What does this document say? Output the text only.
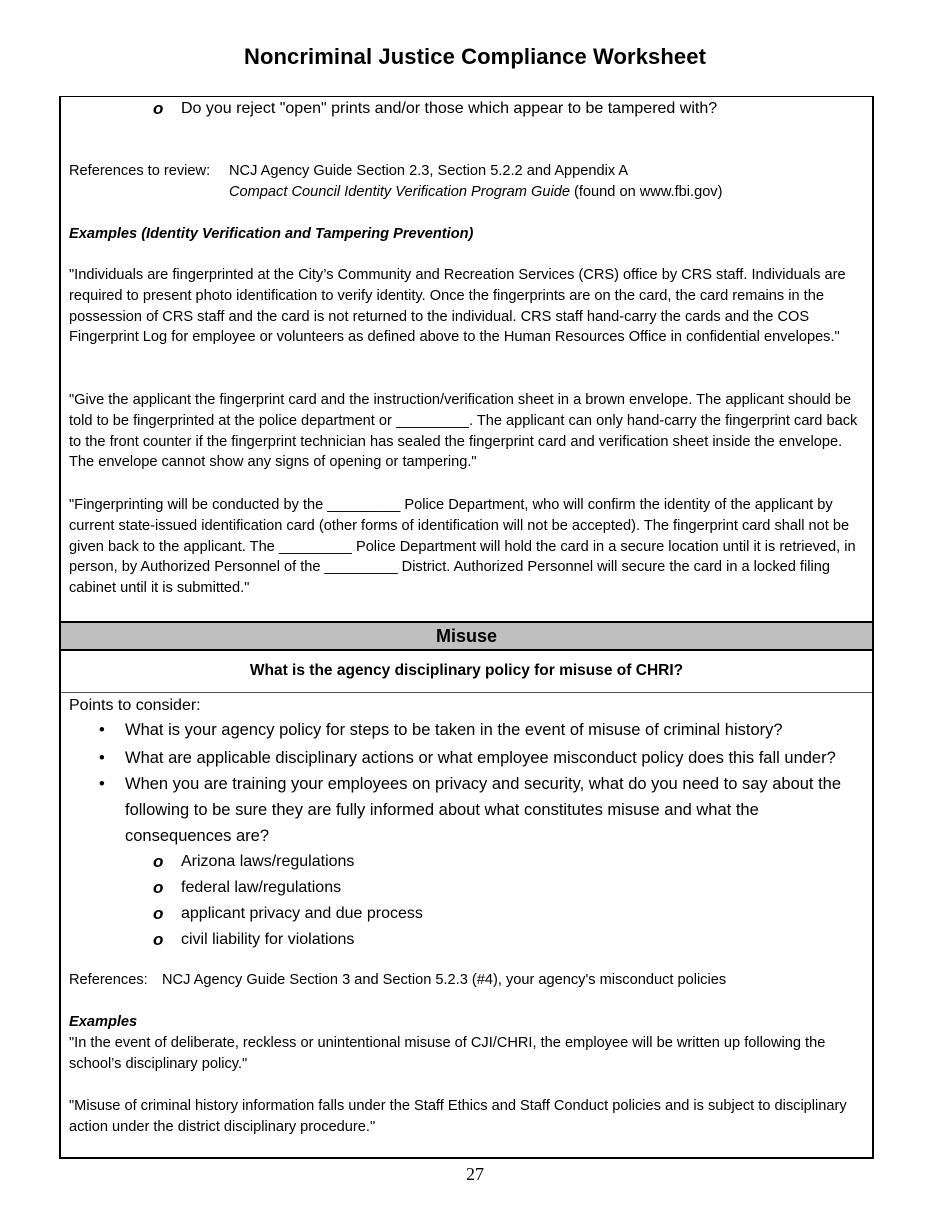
Noncriminal Justice Compliance Worksheet
o Do you reject "open" prints and/or those which appear to be tampered with?
References to review: NCJ Agency Guide Section 2.3, Section 5.2.2 and Appendix A
Compact Council Identity Verification Program Guide (found on www.fbi.gov)
Examples (Identity Verification and Tampering Prevention)

"Individuals are fingerprinted at the City’s Community and Recreation Services (CRS) office by CRS staff. Individuals are required to present photo identification to verify identity. Once the fingerprints are on the card, the card remains in the possession of CRS staff and the card is not returned to the individual. CRS staff hand-carry the cards and the COS Fingerprint Log for employee or volunteers as defined above to the Human Resources Office in confidential envelopes."

"Give the applicant the fingerprint card and the instruction/verification sheet in a brown envelope. The applicant should be told to be fingerprinted at the police department or _________. The applicant can only hand-carry the fingerprint card back to the front counter if the fingerprint technician has sealed the fingerprint card and verification sheet inside the envelope. The envelope cannot show any signs of opening or tampering."

"Fingerprinting will be conducted by the _________ Police Department, who will confirm the identity of the applicant by current state-issued identification card (other forms of identification will not be accepted). The fingerprint card shall not be given back to the applicant. The _________ Police Department will hold the card in a secure location until it is retrieved, in person, by Authorized Personnel of the _________ District. Authorized Personnel will secure the card in a locked filing cabinet until it is submitted."

Misuse
What is the agency disciplinary policy for misuse of CHRI?
Points to consider:
•	What is your agency policy for steps to be taken in the event of misuse of criminal history?
•	What are applicable disciplinary actions or what employee misconduct policy does this fall under?
•	When you are training your employees on privacy and security, what do you need to say about the following to be sure they are fully informed about what constitutes misuse and what the consequences are?
o Arizona laws/regulations
o federal law/regulations
o applicant privacy and due process
o civil liability for violations
References: NCJ Agency Guide Section 3 and Section 5.2.3 (#4), your agency's misconduct policies
Examples

"In the event of deliberate, reckless or unintentional misuse of CJI/CHRI, the employee will be written up following the school’s disciplinary policy."

"Misuse of criminal history information falls under the Staff Ethics and Staff Conduct policies and is subject to disciplinary action under the district disciplinary procedure."

27
